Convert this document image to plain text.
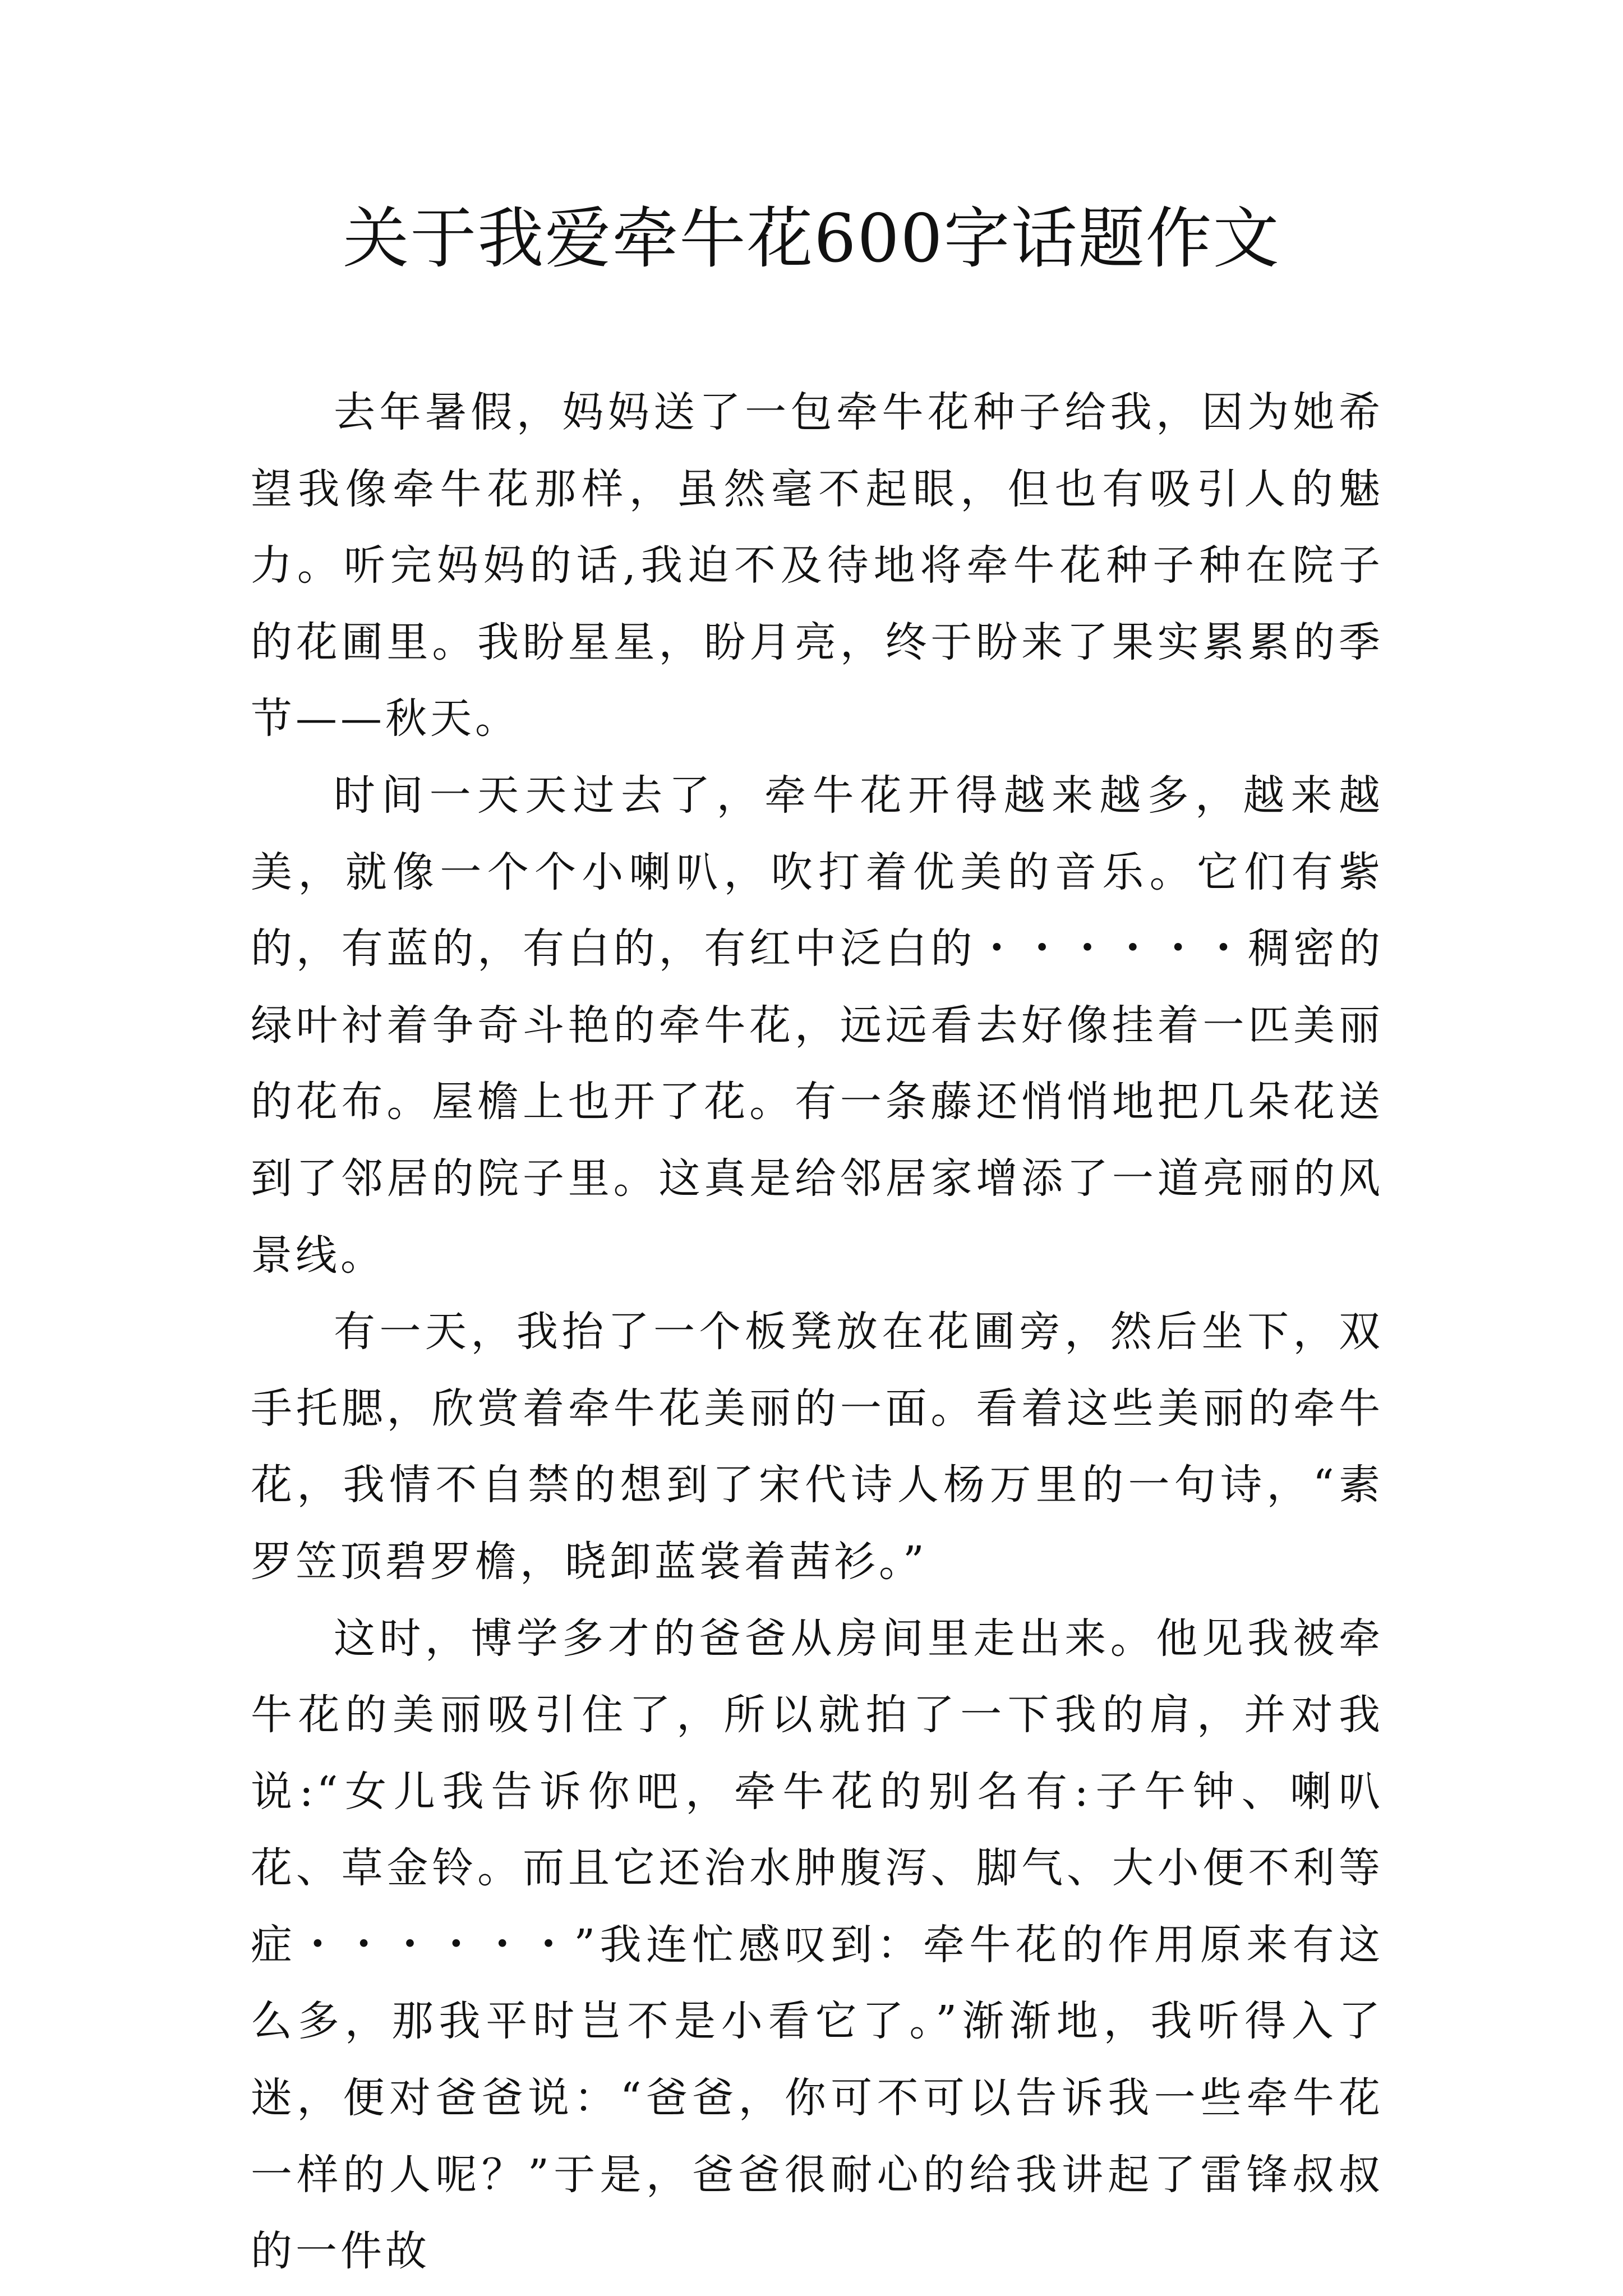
关于我爱牵牛花600字话题作文

去年暑假，妈妈送了一包牵牛花种子给我，因为她希望我像牵牛花那样，虽然毫不起眼，但也有吸引人的魅力。听完妈妈的话,我迫不及待地将牵牛花种子种在院子的花圃里。我盼星星，盼月亮，终于盼来了果实累累的季节——秋天。

时间一天天过去了，牵牛花开得越来越多，越来越美，就像一个个小喇叭，吹打着优美的音乐。它们有紫的，有蓝的，有白的，有红中泛白的・・・・・・稠密的绿叶衬着争奇斗艳的牵牛花，远远看去好像挂着一匹美丽的花布。屋檐上也开了花。有一条藤还悄悄地把几朵花送到了邻居的院子里。这真是给邻居家增添了一道亮丽的风景线。

有一天，我抬了一个板凳放在花圃旁，然后坐下，双手托腮，欣赏着牵牛花美丽的一面。看着这些美丽的牵牛花，我情不自禁的想到了宋代诗人杨万里的一句诗，“素罗笠顶碧罗檐，晓卸蓝裳着茜衫。”

这时，博学多才的爸爸从房间里走出来。他见我被牵牛花的美丽吸引住了，所以就拍了一下我的肩，并对我说:“女儿我告诉你吧，牵牛花的别名有:子午钟、喇叭花、草金铃。而且它还治水肿腹泻、脚气、大小便不利等症・・・・・・”我连忙感叹到：牵牛花的作用原来有这么多，那我平时岂不是小看它了。”渐渐地，我听得入了迷，便对爸爸说：“爸爸，你可不可以告诉我一些牵牛花一样的人呢？”于是，爸爸很耐心的给我讲起了雷锋叔叔的一件故
